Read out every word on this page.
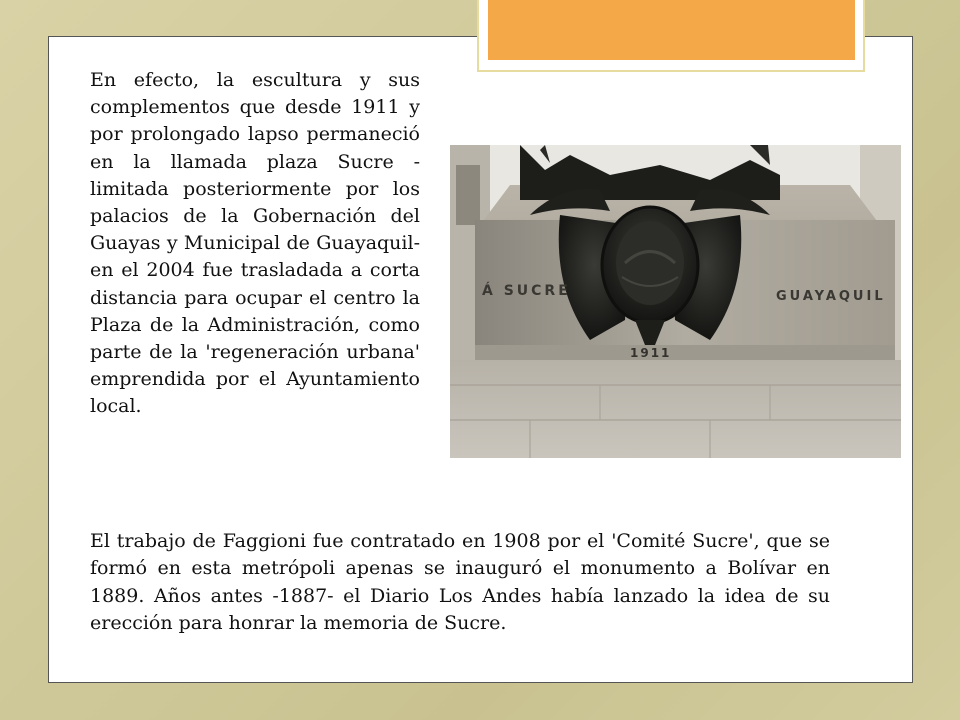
En efecto, la escultura y sus complementos que desde 1911 y por prolongado lapso permaneció en la llamada plaza Sucre -limitada posteriormente por los palacios de la Gobernación del Guayas y Municipal de Guayaquil- en el 2004 fue trasladada a corta distancia para ocupar el centro la Plaza de la Administración, como parte de la 'regeneración urbana' emprendida por el Ayuntamiento local.

Á SUCRE	GUAYAQUIL
1911

El trabajo de Faggioni fue contratado en 1908 por el 'Comité Sucre', que se formó en esta metrópoli apenas se inauguró el monumento a Bolívar en 1889. Años antes -1887- el Diario Los Andes había lanzado la idea de su erección para honrar la memoria de Sucre.
